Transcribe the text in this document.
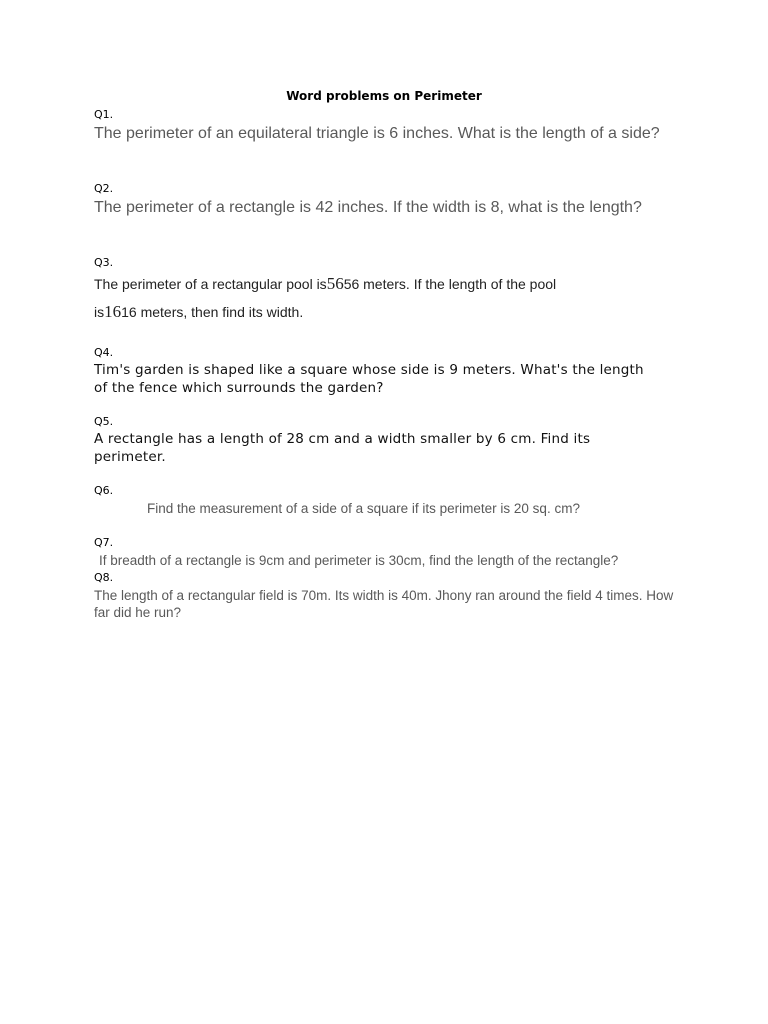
Word problems on Perimeter
Q1.
The perimeter of an equilateral triangle is 6 inches. What is the length of a side?
Q2.
The perimeter of a rectangle is 42 inches. If the width is 8, what is the length?
Q3.
The perimeter of a rectangular pool is5656 meters. If the length of the pool
is1616 meters, then find its width.
Q4.
Tim's garden is shaped like a square whose side is 9 meters. What's the length of the fence which surrounds the garden?
Q5.
A rectangle has a length of 28 cm and a width smaller by 6 cm. Find its perimeter.
Q6.
Find the measurement of a side of a square if its perimeter is 20 sq. cm?
Q7.
If breadth of a rectangle is 9cm and perimeter is 30cm, find the length of the rectangle?
Q8.
The length of a rectangular field is 70m. Its width is 40m. Jhony ran around the field 4 times. How far did he run?
